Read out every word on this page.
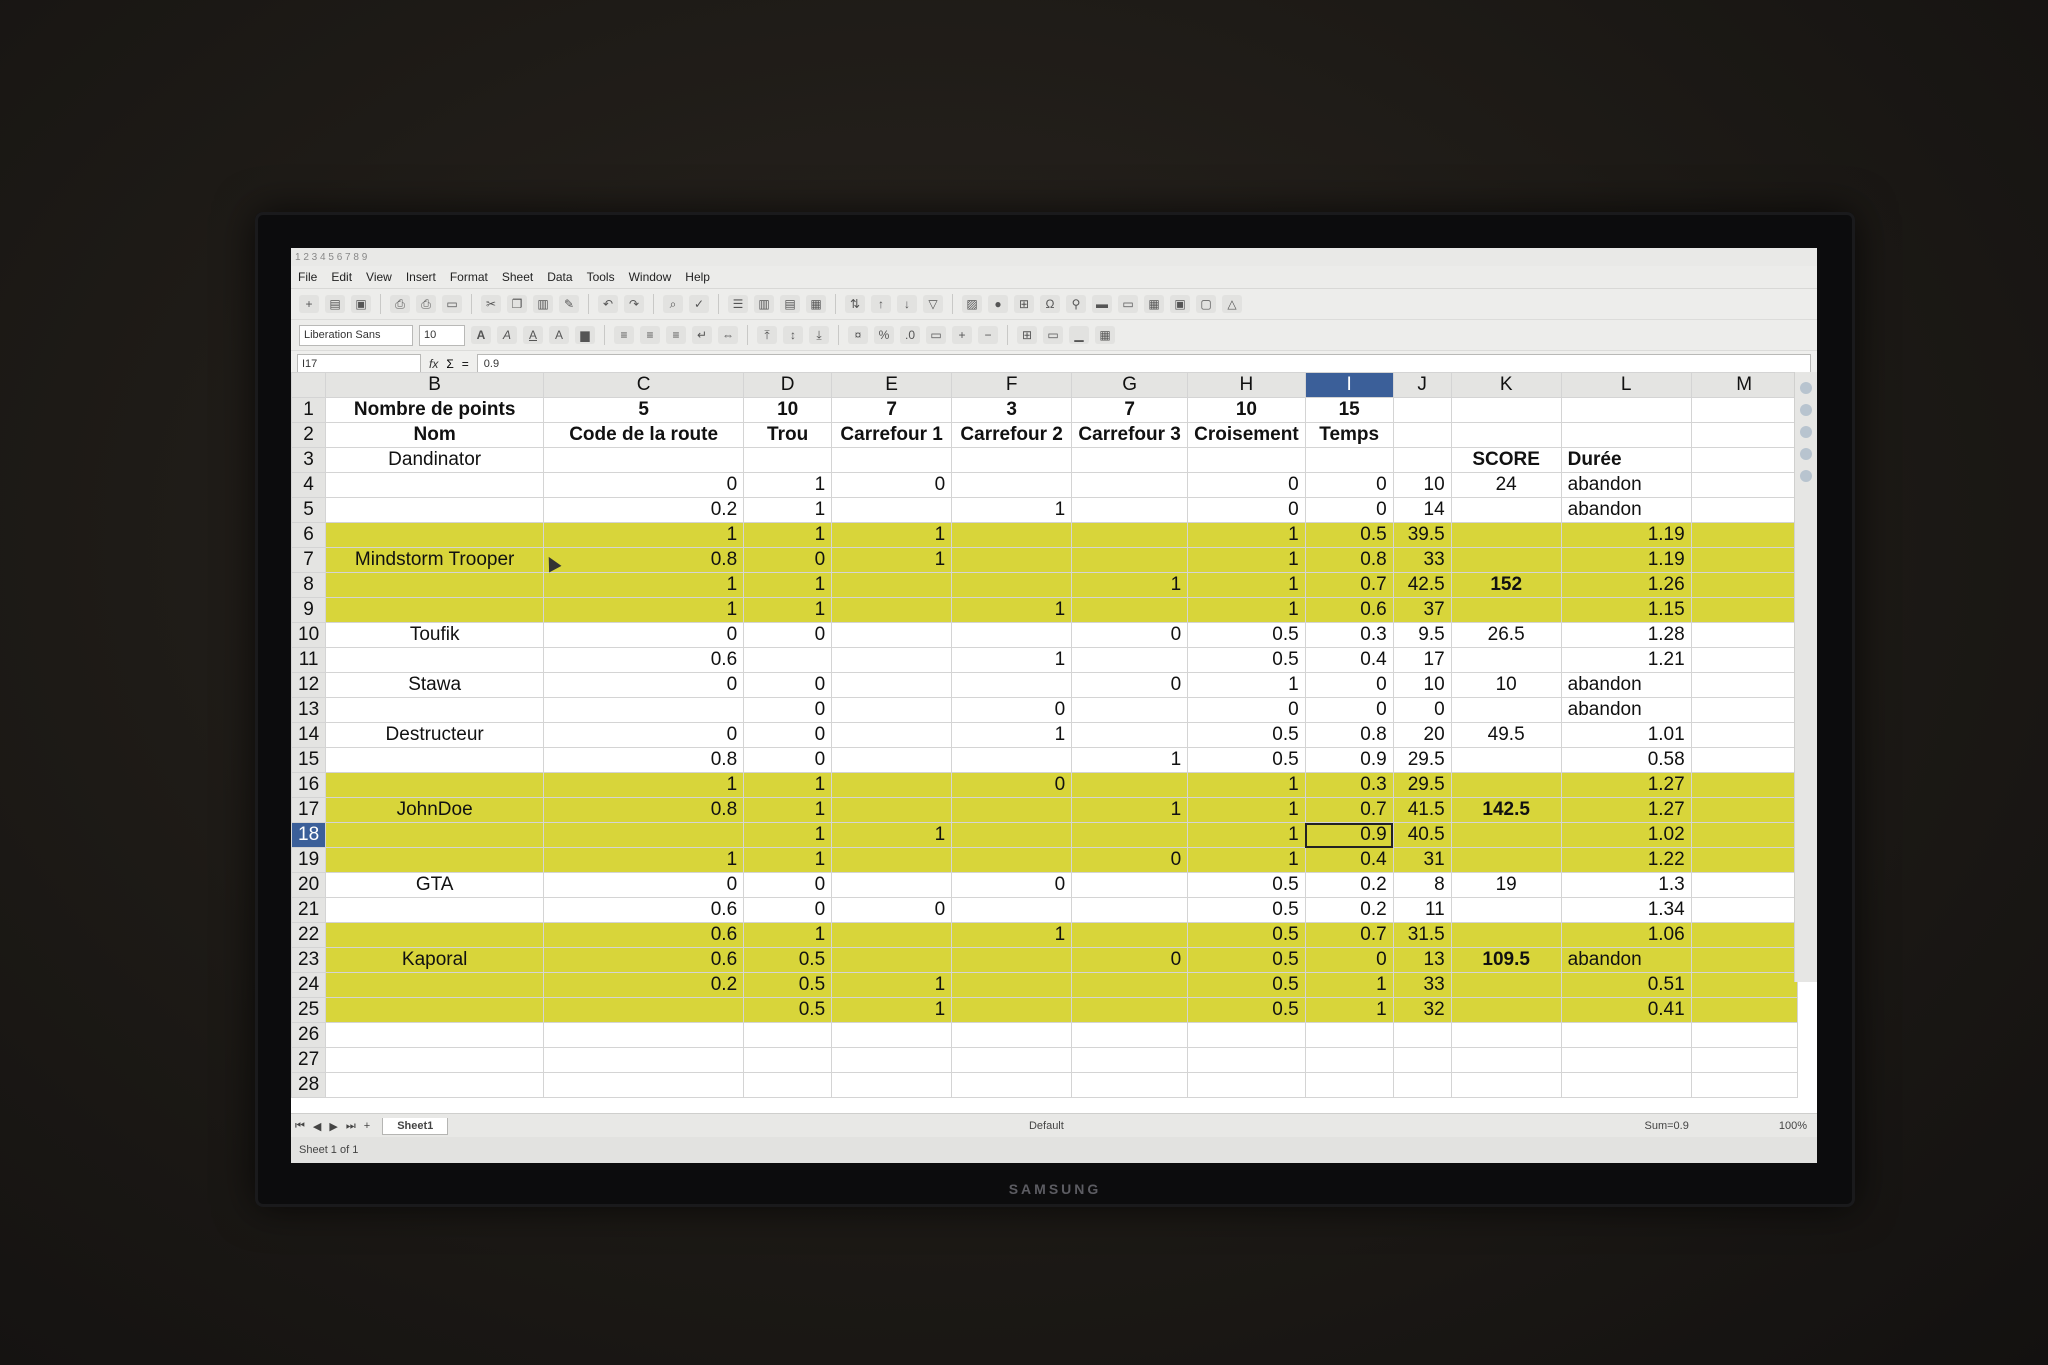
1 2 3 4 5 6 7 8 9
File	Edit	View	Insert	Format	Sheet	Data	Tools	Window	Help
+	▤	▣	⎙	⎙	▭	✂	❐	▥	✎	↶	↷	⌕	✓	☰	▥	▤	▦	⇅	↑	↓	▽	▨	●	⊞	Ω	⚲	▬	▭	▦	▣	▢	△
Liberation Sans	10	A	A	A	A	▆	≡	≡	≡	↵	⇔	⤒	↕	⤓	¤	%	.0	▭	+	−	⊞	▭	▁	▦
I17	fx Σ =	0.9
	B	C	D	E	F	G	H	I	J	K	L	M
1	Nombre de points	5	10	7	3	7	10	15				
2	Nom	Code de la route	Trou	Carrefour 1	Carrefour 2	Carrefour 3	Croisement	Temps				
3	Dandinator									SCORE	Durée	
4		0	1	0			0	0	10	24	abandon	
5		0.2	1		1		0	0	14		abandon	
6		1	1	1			1	0.5	39.5		1.19	
7	Mindstorm Trooper	0.8	0	1			1	0.8	33		1.19	
8		1	1			1	1	0.7	42.5	152	1.26	
9		1	1		1		1	0.6	37		1.15	
10	Toufik	0	0			0	0.5	0.3	9.5	26.5	1.28	
11		0.6			1		0.5	0.4	17		1.21	
12	Stawa	0	0			0	1	0	10	10	abandon	
13			0		0		0	0	0		abandon	
14	Destructeur	0	0		1		0.5	0.8	20	49.5	1.01	
15		0.8	0			1	0.5	0.9	29.5		0.58	
16		1	1		0		1	0.3	29.5		1.27	
17	JohnDoe	0.8	1			1	1	0.7	41.5	142.5	1.27	
18			1	1			1	0.9	40.5		1.02	
19		1	1			0	1	0.4	31		1.22	
20	GTA	0	0		0		0.5	0.2	8	19	1.3	
21		0.6	0	0			0.5	0.2	11		1.34	
22		0.6	1		1		0.5	0.7	31.5		1.06	
23	Kaporal	0.6	0.5			0	0.5	0	13	109.5	abandon	
24		0.2	0.5	1			0.5	1	33		0.51	
25			0.5	1			0.5	1	32		0.41	
26												
27												
28												
⏮ ◀ ▶ ⏭ +	Sheet1	Default	Sum=0.9	100%
Sheet 1 of 1
SAMSUNG
